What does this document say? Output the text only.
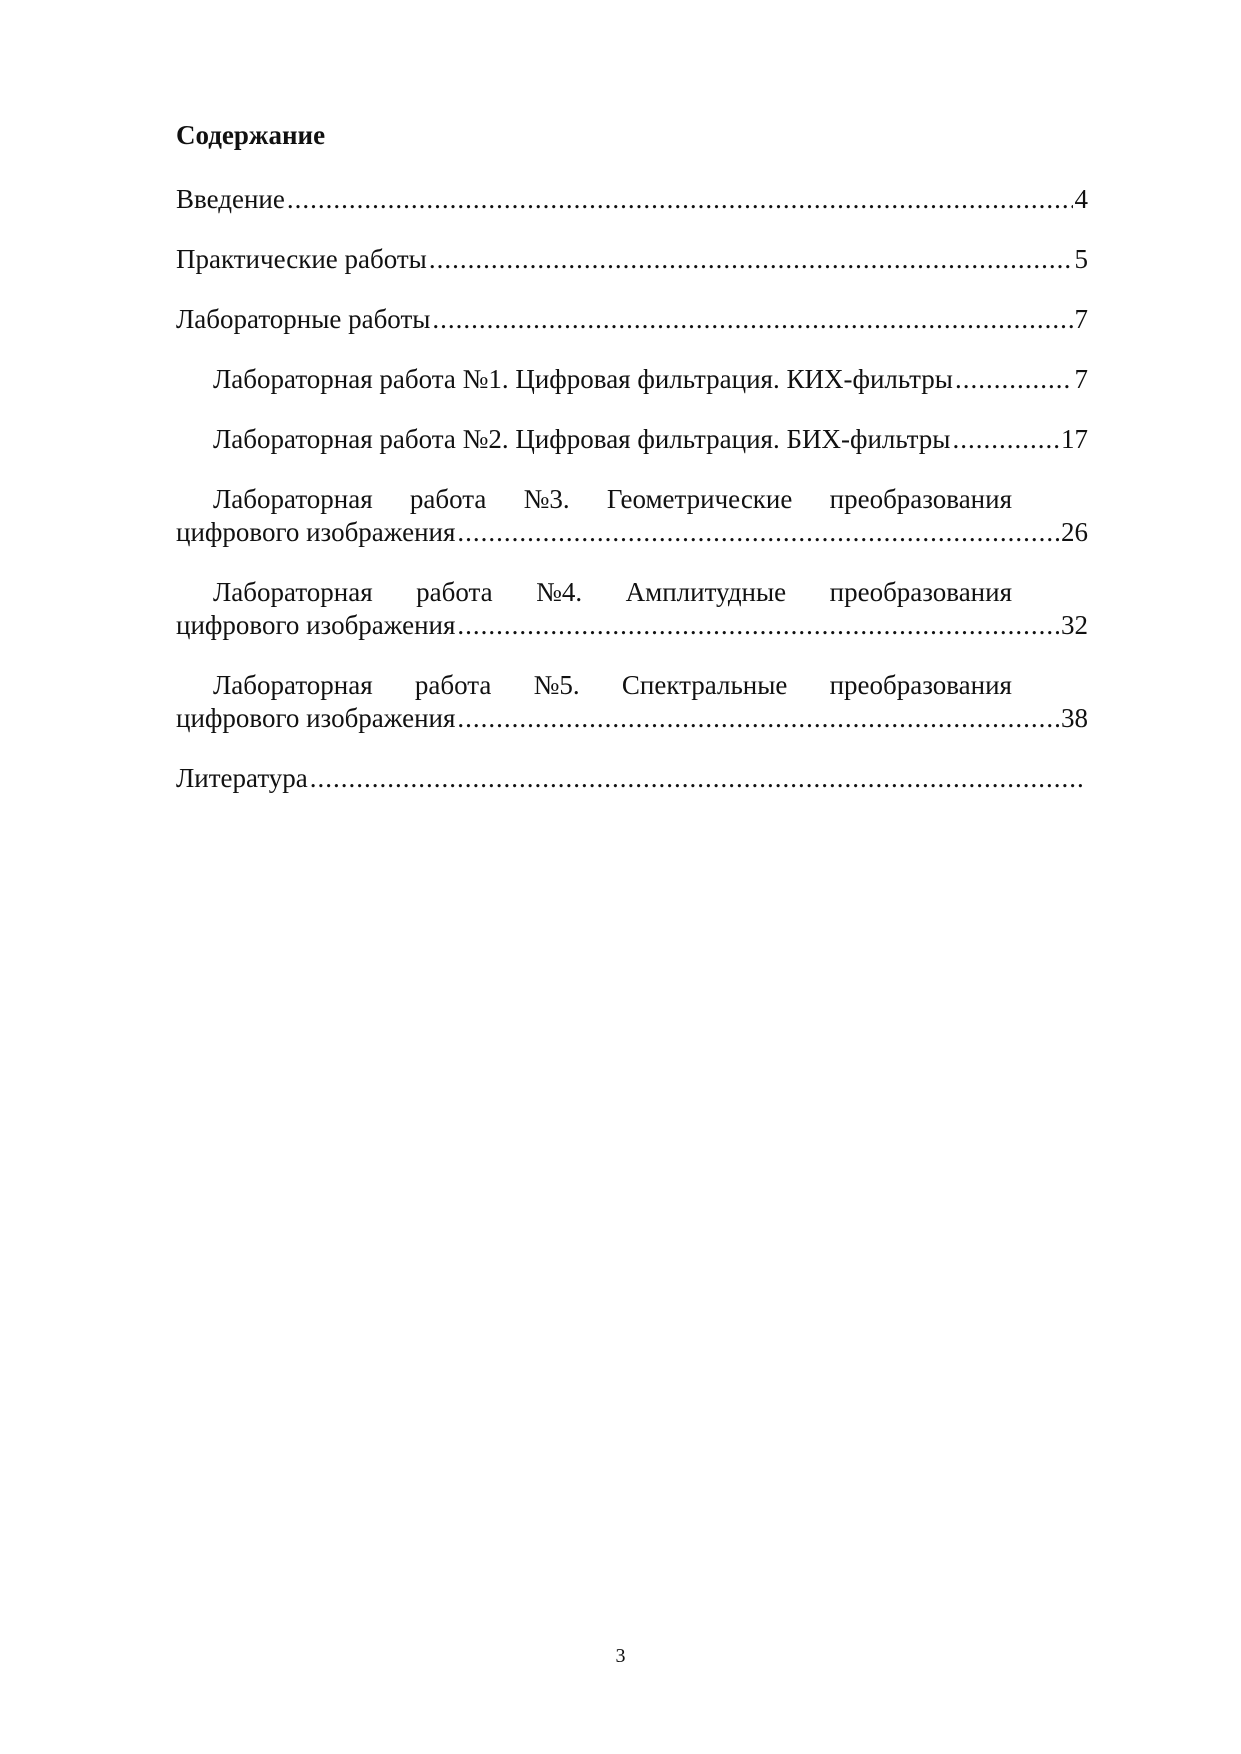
Содержание
Введение .....	4
Практические работы .....	5
Лабораторные работы .....	7
Лабораторная работа №1. Цифровая фильтрация. КИХ-фильтры .....	7
Лабораторная работа №2. Цифровая фильтрация. БИХ-фильтры .....	17
Лабораторная работа №3. Геометрические преобразования
цифрового изображения .....	26
Лабораторная работа №4. Амплитудные преобразования
цифрового изображения .....	32
Лабораторная работа №5. Спектральные преобразования
цифрового изображения .....	38
Литература
.....
3
